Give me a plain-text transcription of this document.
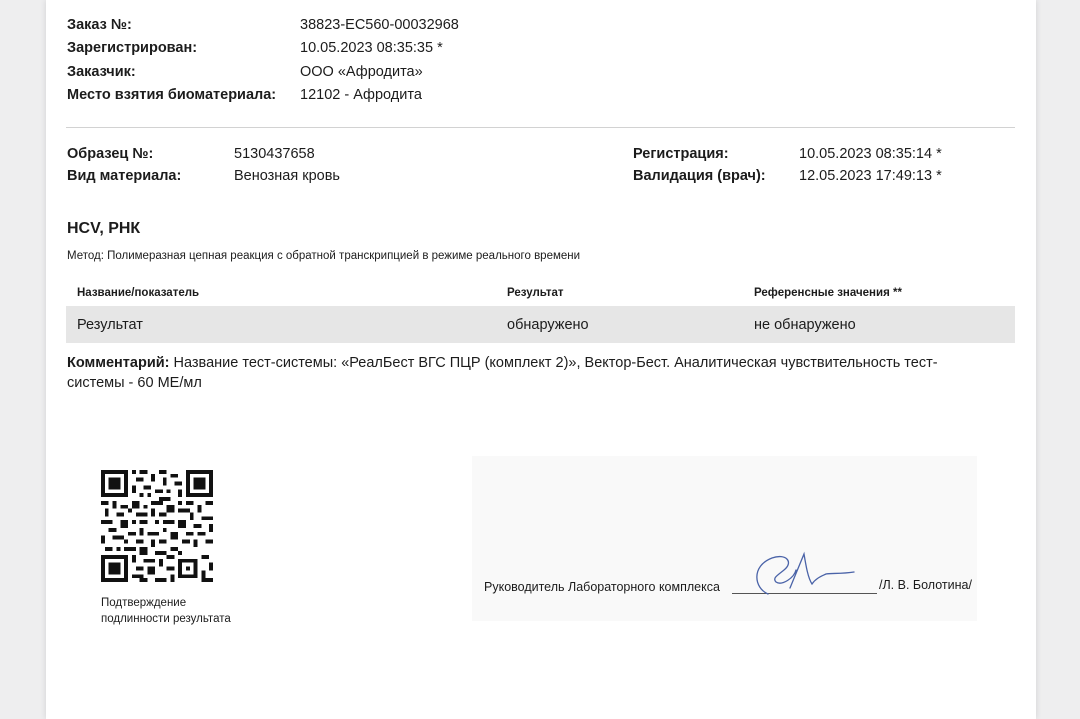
Заказ №:	38823-EC560-00032968
Зарегистрирован:	10.05.2023 08:35:35 *
Заказчик:	ООО «Афродита»
Место взятия биоматериала: 12102 - Афродита
Образец №:	5130437658
Вид материала:	Венозная кровь
Регистрация:	10.05.2023 08:35:14 *
Валидация (врач): 12.05.2023 17:49:13 *
HCV, РНК
Метод: Полимеразная цепная реакция с обратной транскрипцией в режиме реального времени
Название/показатель	Результат	Референсные значения **
Результат	обнаружено	не обнаружено
Комментарий: Название тест-системы: «РеалБест ВГС ПЦР (комплект 2)», Вектор-Бест. Аналитическая чувствительность тест-системы - 60 МЕ/мл
Подтверждение
подлинности результата
Руководитель Лабораторного комплекса	/Л. В. Болотина/
